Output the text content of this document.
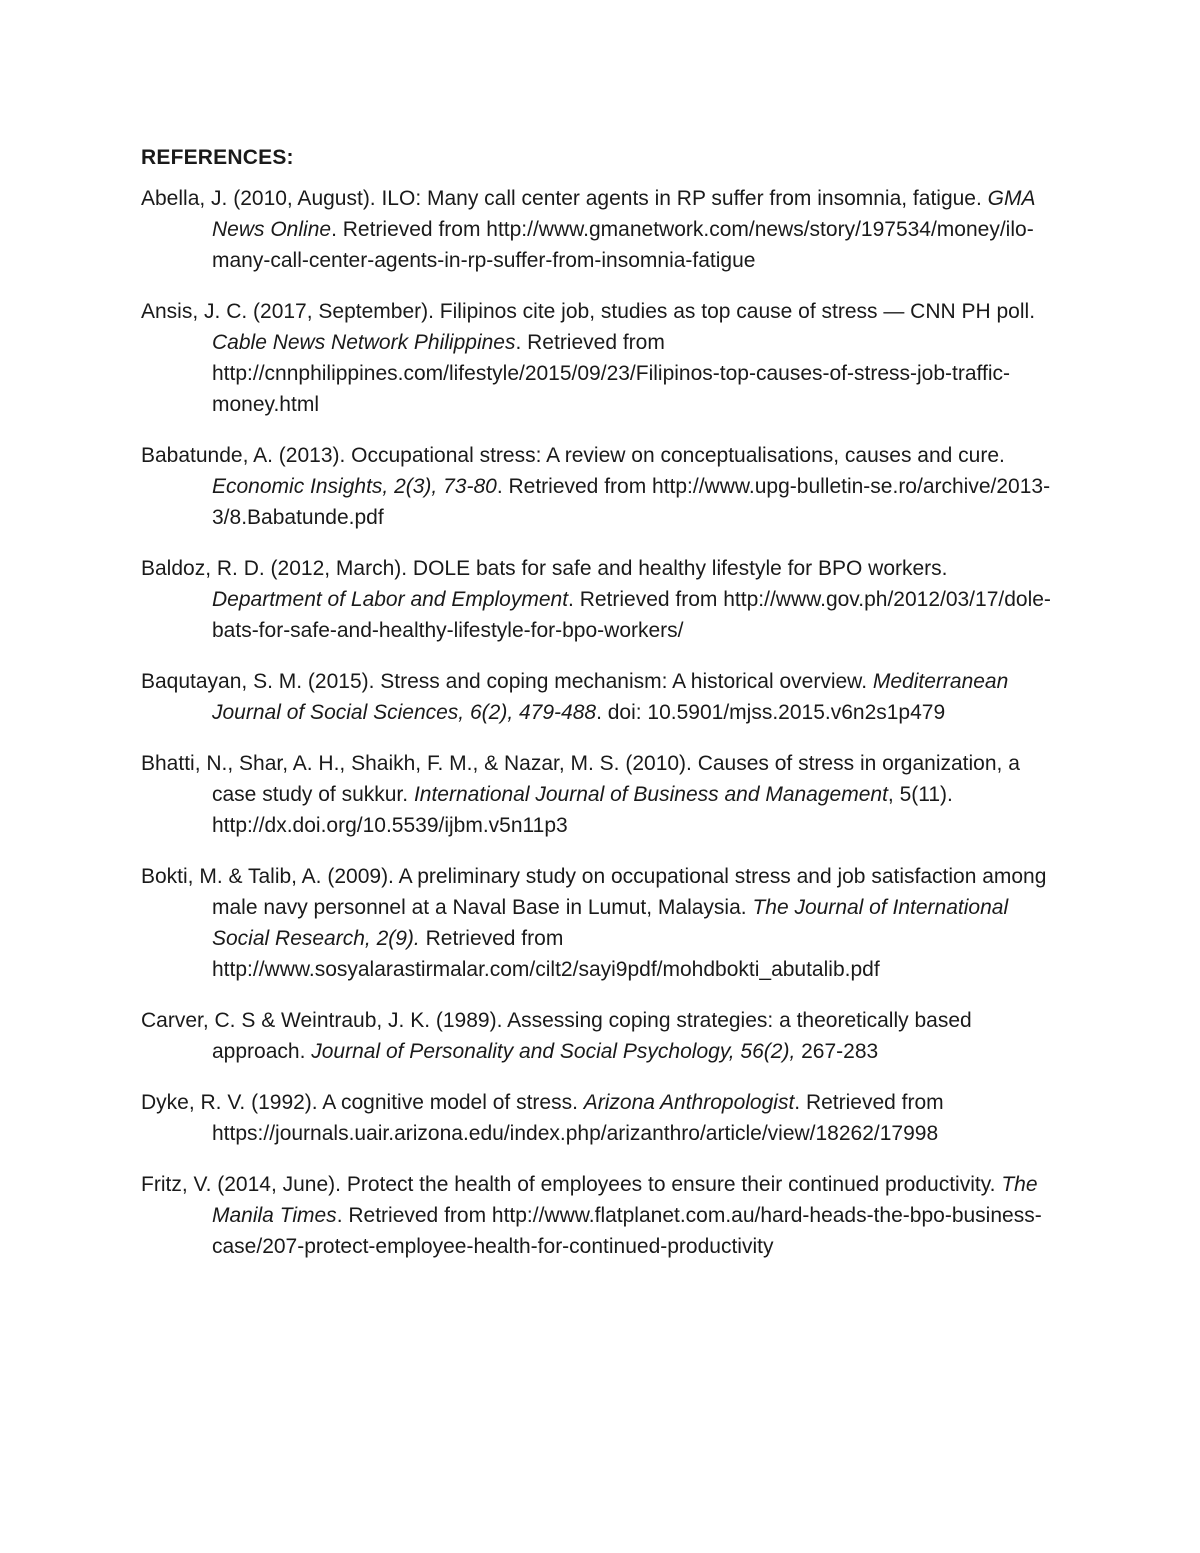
REFERENCES:
Abella, J. (2010, August). ILO: Many call center agents in RP suffer from insomnia, fatigue. GMA News Online. Retrieved from http://www.gmanetwork.com/news/story/197534/money/ilo-many-call-center-agents-in-rp-suffer-from-insomnia-fatigue
Ansis, J. C. (2017, September). Filipinos cite job, studies as top cause of stress — CNN PH poll. Cable News Network Philippines. Retrieved from http://cnnphilippines.com/lifestyle/2015/09/23/Filipinos-top-causes-of-stress-job-traffic-money.html
Babatunde, A. (2013). Occupational stress: A review on conceptualisations, causes and cure. Economic Insights, 2(3), 73-80. Retrieved from http://www.upg-bulletin-se.ro/archive/2013-3/8.Babatunde.pdf
Baldoz, R. D. (2012, March). DOLE bats for safe and healthy lifestyle for BPO workers. Department of Labor and Employment. Retrieved from http://www.gov.ph/2012/03/17/dole-bats-for-safe-and-healthy-lifestyle-for-bpo-workers/
Baqutayan, S. M. (2015). Stress and coping mechanism: A historical overview. Mediterranean Journal of Social Sciences, 6(2), 479-488. doi: 10.5901/mjss.2015.v6n2s1p479
Bhatti, N., Shar, A. H., Shaikh, F. M., & Nazar, M. S. (2010). Causes of stress in organization, a case study of sukkur. International Journal of Business and Management, 5(11). http://dx.doi.org/10.5539/ijbm.v5n11p3
Bokti, M. & Talib, A. (2009). A preliminary study on occupational stress and job satisfaction among male navy personnel at a Naval Base in Lumut, Malaysia. The Journal of International Social Research, 2(9). Retrieved from http://www.sosyalarastirmalar.com/cilt2/sayi9pdf/mohdbokti_abutalib.pdf
Carver, C. S & Weintraub, J. K. (1989). Assessing coping strategies: a theoretically based approach. Journal of Personality and Social Psychology, 56(2), 267-283
Dyke, R. V. (1992). A cognitive model of stress. Arizona Anthropologist. Retrieved from https://journals.uair.arizona.edu/index.php/arizanthro/article/view/18262/17998
Fritz, V. (2014, June). Protect the health of employees to ensure their continued productivity. The Manila Times. Retrieved from http://www.flatplanet.com.au/hard-heads-the-bpo-business-case/207-protect-employee-health-for-continued-productivity
